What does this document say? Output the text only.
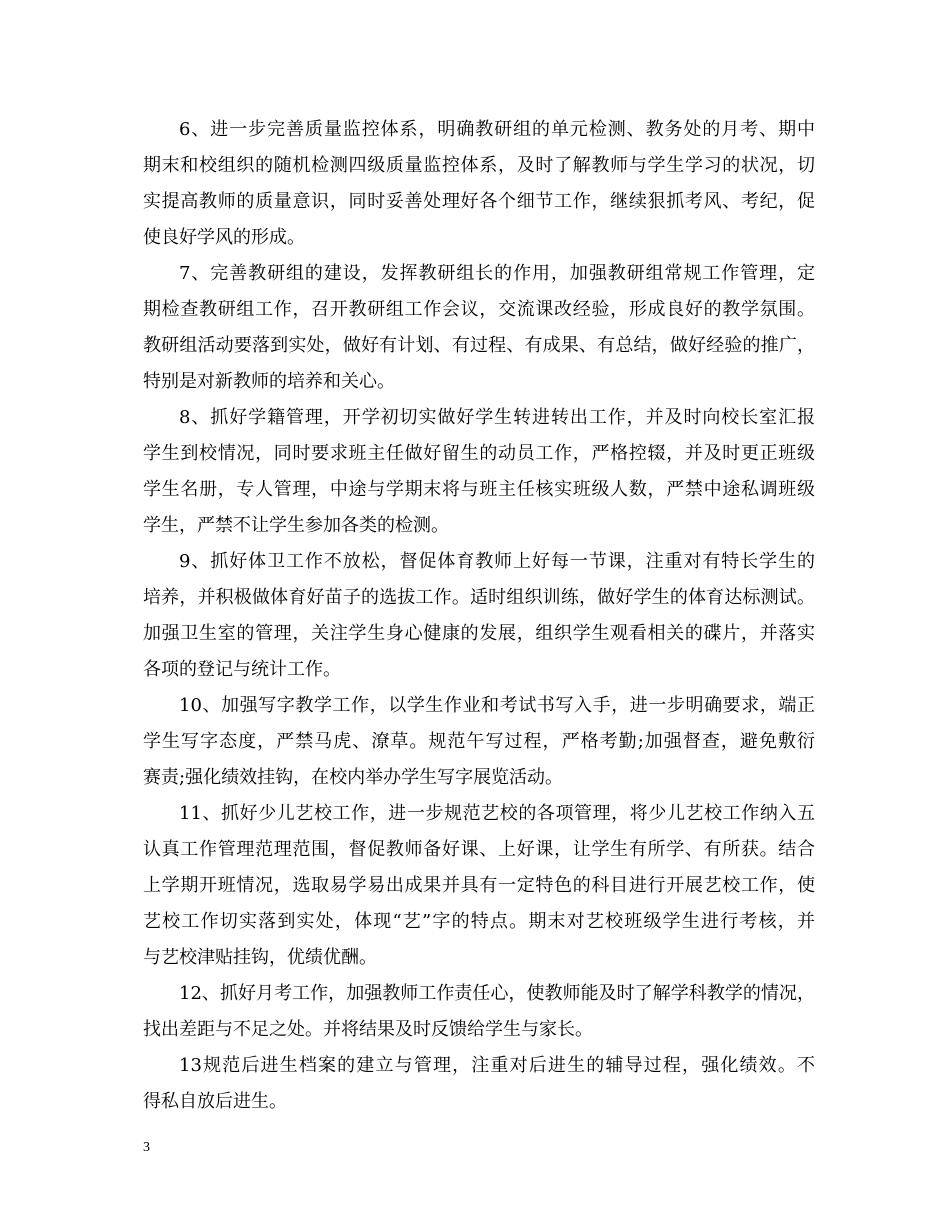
6、进一步完善质量监控体系，明确教研组的单元检测、教务处的月考、期中
期末和校组织的随机检测四级质量监控体系，及时了解教师与学生学习的状况，切
实提高教师的质量意识，同时妥善处理好各个细节工作，继续狠抓考风、考纪，促
使良好学风的形成。
7、完善教研组的建设，发挥教研组长的作用，加强教研组常规工作管理，定
期检查教研组工作，召开教研组工作会议，交流课改经验，形成良好的教学氛围。
教研组活动要落到实处，做好有计划、有过程、有成果、有总结，做好经验的推广，
特别是对新教师的培养和关心。
8、抓好学籍管理，开学初切实做好学生转进转出工作，并及时向校长室汇报
学生到校情况，同时要求班主任做好留生的动员工作，严格控辍，并及时更正班级
学生名册，专人管理，中途与学期末将与班主任核实班级人数，严禁中途私调班级
学生，严禁不让学生参加各类的检测。
9、抓好体卫工作不放松，督促体育教师上好每一节课，注重对有特长学生的
培养，并积极做体育好苗子的选拔工作。适时组织训练，做好学生的体育达标测试。
加强卫生室的管理，关注学生身心健康的发展，组织学生观看相关的碟片，并落实
各项的登记与统计工作。
10、加强写字教学工作，以学生作业和考试书写入手，进一步明确要求，端正
学生写字态度，严禁马虎、潦草。规范午写过程，严格考勤;加强督查，避免敷衍
赛责;强化绩效挂钩，在校内举办学生写字展览活动。
11、抓好少儿艺校工作，进一步规范艺校的各项管理，将少儿艺校工作纳入五
认真工作管理范理范围，督促教师备好课、上好课，让学生有所学、有所获。结合
上学期开班情况，选取易学易出成果并具有一定特色的科目进行开展艺校工作，使
艺校工作切实落到实处，体现“艺”字的特点。期末对艺校班级学生进行考核，并
与艺校津贴挂钩，优绩优酬。
12、抓好月考工作，加强教师工作责任心，使教师能及时了解学科教学的情况，
找出差距与不足之处。并将结果及时反馈给学生与家长。
13规范后进生档案的建立与管理，注重对后进生的辅导过程，强化绩效。不
得私自放后进生。
3
